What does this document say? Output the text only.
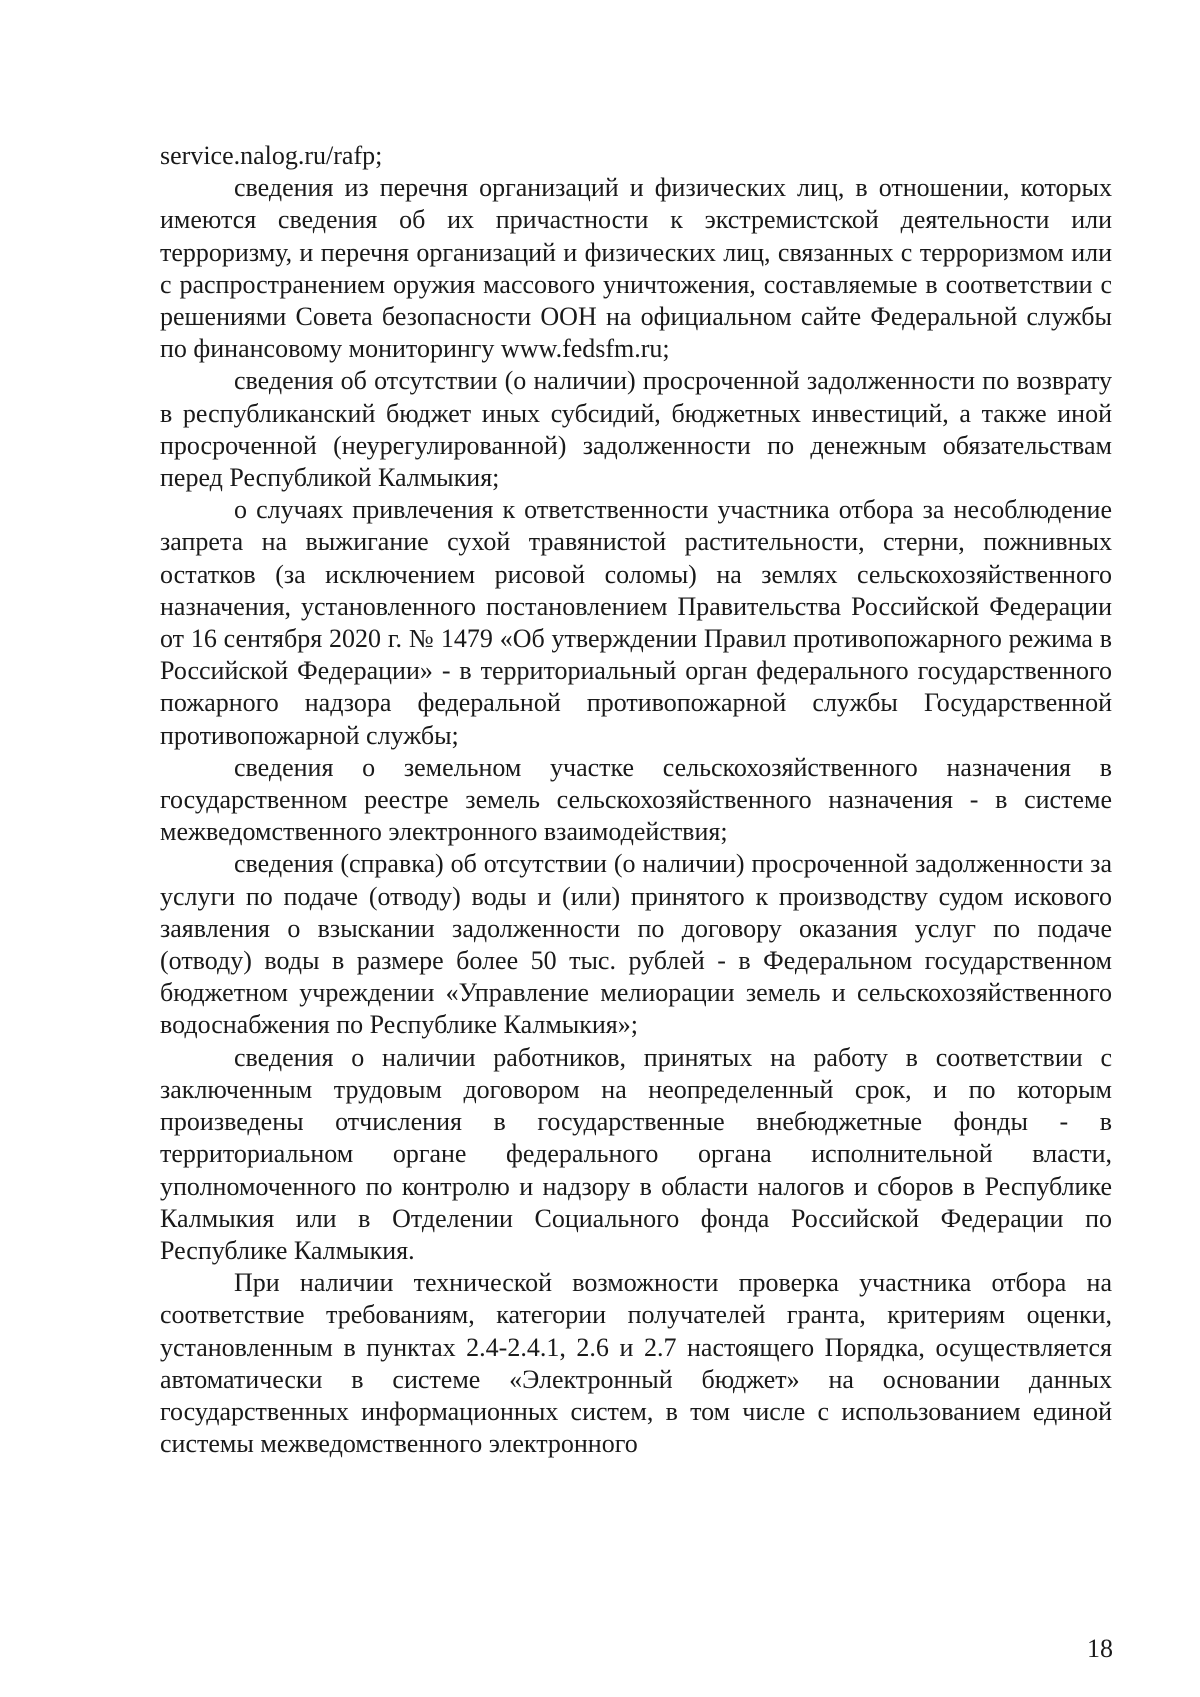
service.nalog.ru/rafp;

сведения из перечня организаций и физических лиц, в отношении, которых имеются сведения об их причастности к экстремистской деятельности или терроризму, и перечня организаций и физических лиц, связанных с терроризмом или с распространением оружия массового уничтожения, составляемые в соответствии с решениями Совета безопасности ООН на официальном сайте Федеральной службы по финансовому мониторингу www.fedsfm.ru;

сведения об отсутствии (о наличии) просроченной задолженности по возврату в республиканский бюджет иных субсидий, бюджетных инвестиций, а также иной просроченной (неурегулированной) задолженности по денежным обязательствам перед Республикой Калмыкия;

о случаях привлечения к ответственности участника отбора за несоблюдение запрета на выжигание сухой травянистой растительности, стерни, пожнивных остатков (за исключением рисовой соломы) на землях сельскохозяйственного назначения, установленного постановлением Правительства Российской Федерации от 16 сентября 2020 г. № 1479 «Об утверждении Правил противопожарного режима в Российской Федерации» - в территориальный орган федерального государственного пожарного надзора федеральной противопожарной службы Государственной противопожарной службы;

сведения о земельном участке сельскохозяйственного назначения в государственном реестре земель сельскохозяйственного назначения - в системе межведомственного электронного взаимодействия;

сведения (справка) об отсутствии (о наличии) просроченной задолженности за услуги по подаче (отводу) воды и (или) принятого к производству судом искового заявления о взыскании задолженности по договору оказания услуг по подаче (отводу) воды в размере более 50 тыс. рублей - в Федеральном государственном бюджетном учреждении «Управление мелиорации земель и сельскохозяйственного водоснабжения по Республике Калмыкия»;

сведения о наличии работников, принятых на работу в соответствии с заключенным трудовым договором на неопределенный срок, и по которым произведены отчисления в государственные внебюджетные фонды - в территориальном органе федерального органа исполнительной власти, уполномоченного по контролю и надзору в области налогов и сборов в Республике Калмыкия или в Отделении Социального фонда Российской Федерации по Республике Калмыкия.

При наличии технической возможности проверка участника отбора на соответствие требованиям, категории получателей гранта, критериям оценки, установленным в пунктах 2.4-2.4.1, 2.6 и 2.7 настоящего Порядка, осуществляется автоматически в системе «Электронный бюджет» на основании данных государственных информационных систем, в том числе с использованием единой системы межведомственного электронного

18
